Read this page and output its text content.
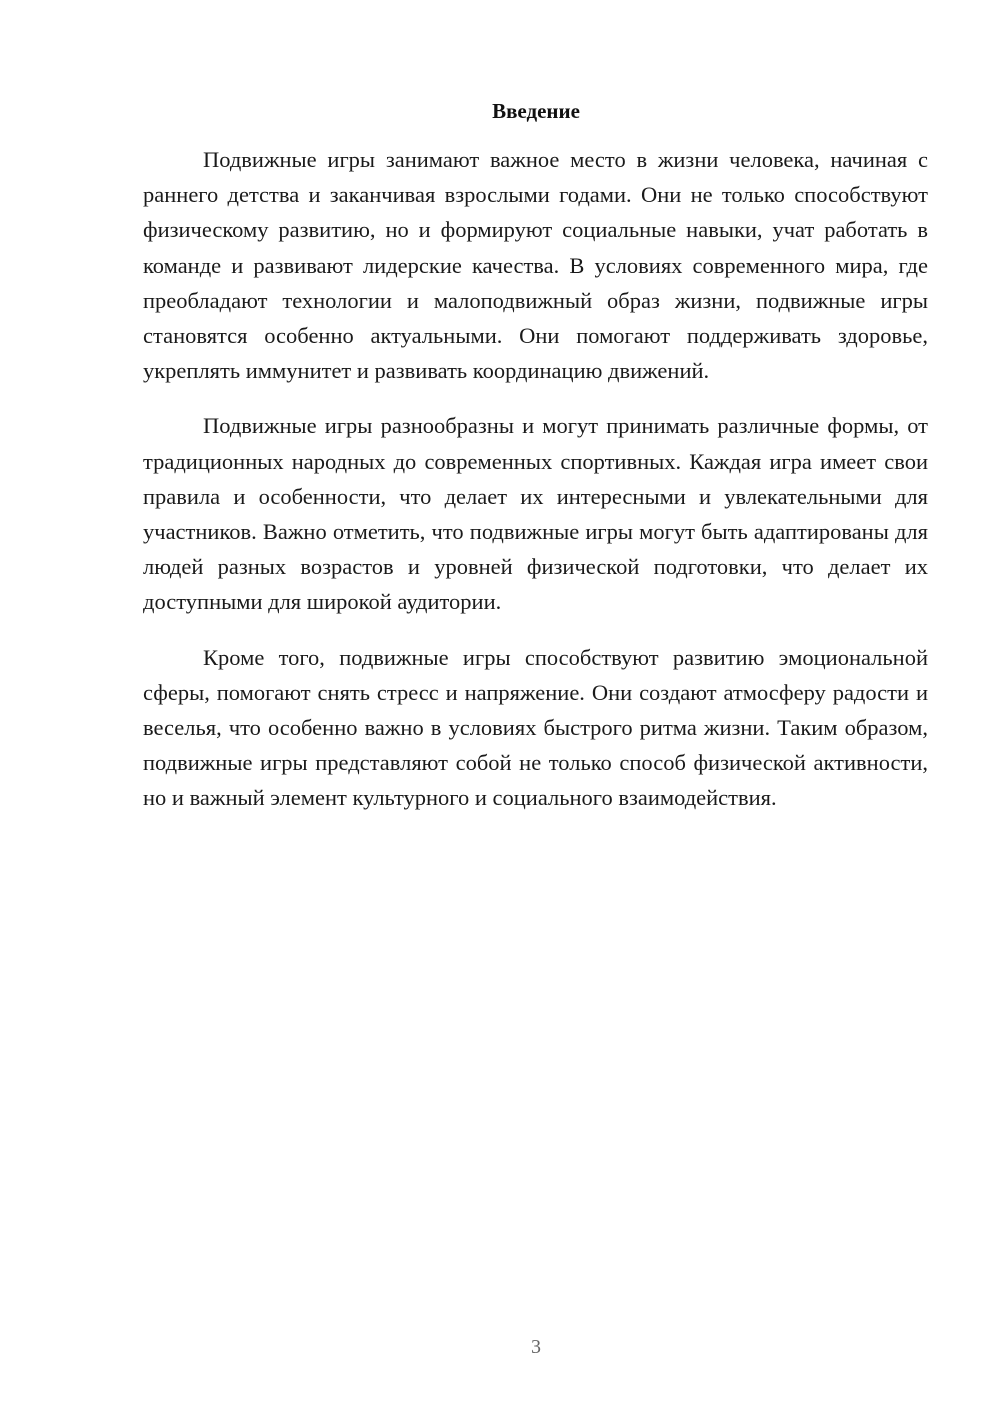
Введение

Подвижные игры занимают важное место в жизни человека, начиная с раннего детства и заканчивая взрослыми годами. Они не только способствуют физическому развитию, но и формируют социальные навыки, учат работать в команде и развивают лидерские качества. В условиях современного мира, где преобладают технологии и малоподвижный образ жизни, подвижные игры становятся особенно актуальными. Они помогают поддерживать здоровье, укреплять иммунитет и развивать координацию движений.

Подвижные игры разнообразны и могут принимать различные формы, от традиционных народных до современных спортивных. Каждая игра имеет свои правила и особенности, что делает их интересными и увлекательными для участников. Важно отметить, что подвижные игры могут быть адаптированы для людей разных возрастов и уровней физической подготовки, что делает их доступными для широкой аудитории.

Кроме того, подвижные игры способствуют развитию эмоциональной сферы, помогают снять стресс и напряжение. Они создают атмосферу радости и веселья, что особенно важно в условиях быстрого ритма жизни. Таким образом, подвижные игры представляют собой не только способ физической активности, но и важный элемент культурного и социального взаимодействия.

3
